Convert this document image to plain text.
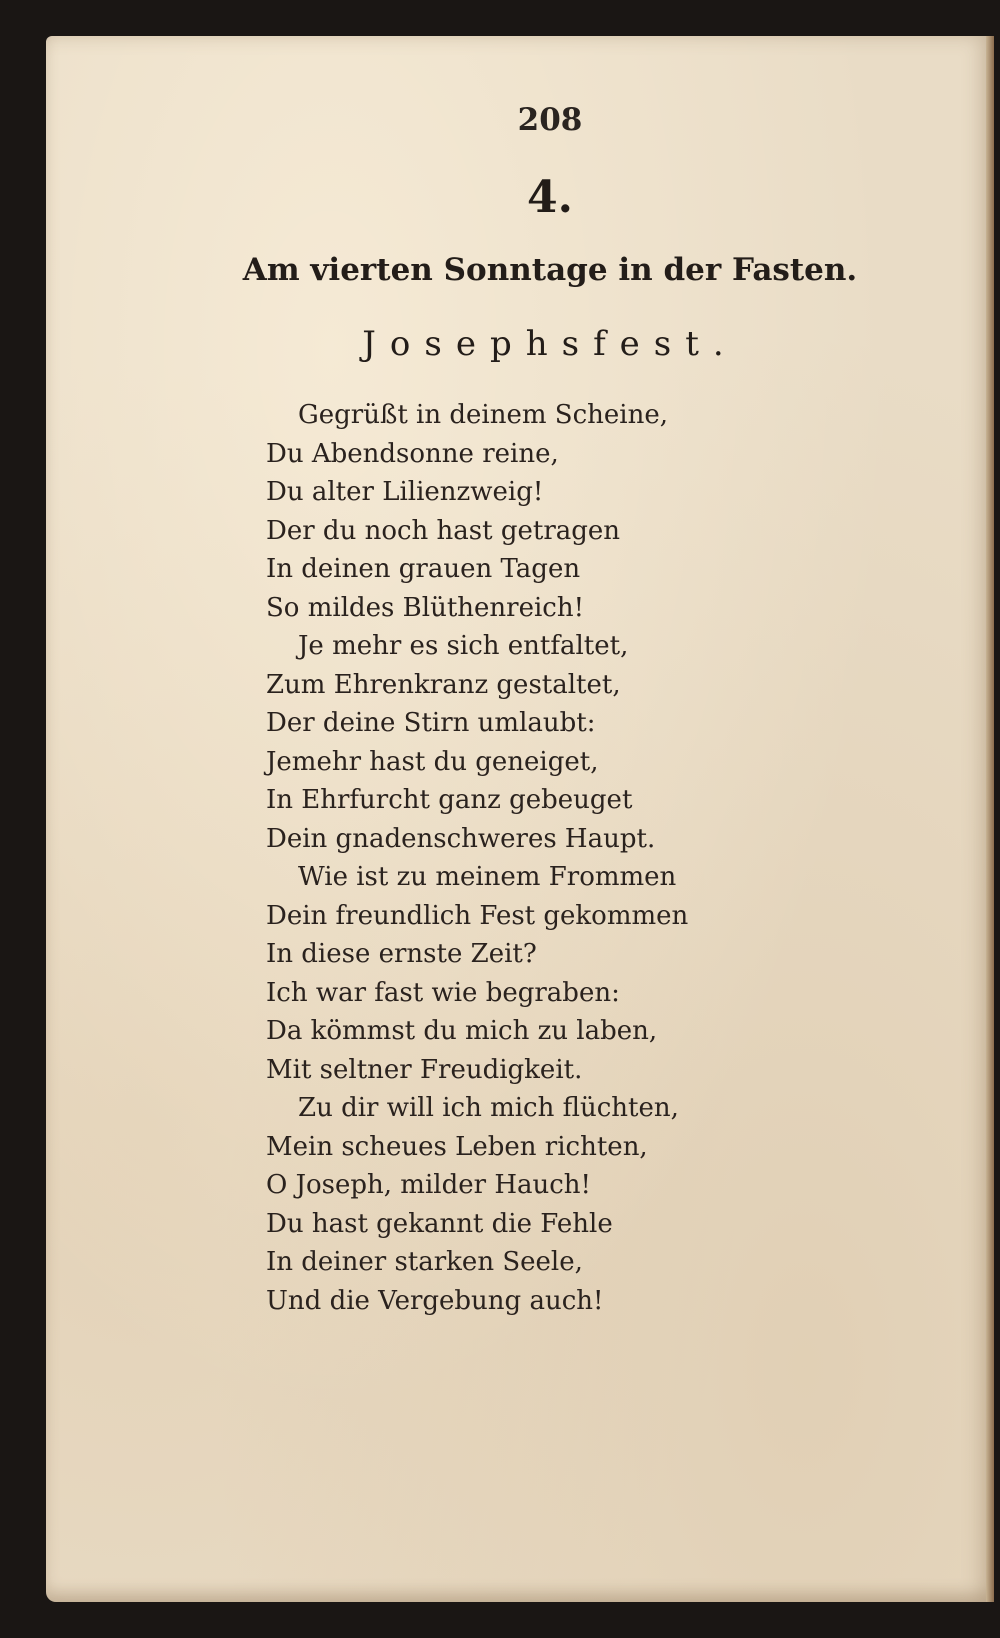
208
4.
Am vierten Sonntage in der Fasten.
Josephsfest.
Gegrüßt in deinem Scheine,
Du Abendsonne reine,
Du alter Lilienzweig!
Der du noch hast getragen
In deinen grauen Tagen
So mildes Blüthenreich!
Je mehr es sich entfaltet,
Zum Ehrenkranz gestaltet,
Der deine Stirn umlaubt:
Jemehr hast du geneiget,
In Ehrfurcht ganz gebeuget
Dein gnadenschweres Haupt.
Wie ist zu meinem Frommen
Dein freundlich Fest gekommen
In diese ernste Zeit?
Ich war fast wie begraben:
Da kömmst du mich zu laben,
Mit seltner Freudigkeit.
Zu dir will ich mich flüchten,
Mein scheues Leben richten,
O Joseph, milder Hauch!
Du hast gekannt die Fehle
In deiner starken Seele,
Und die Vergebung auch!
